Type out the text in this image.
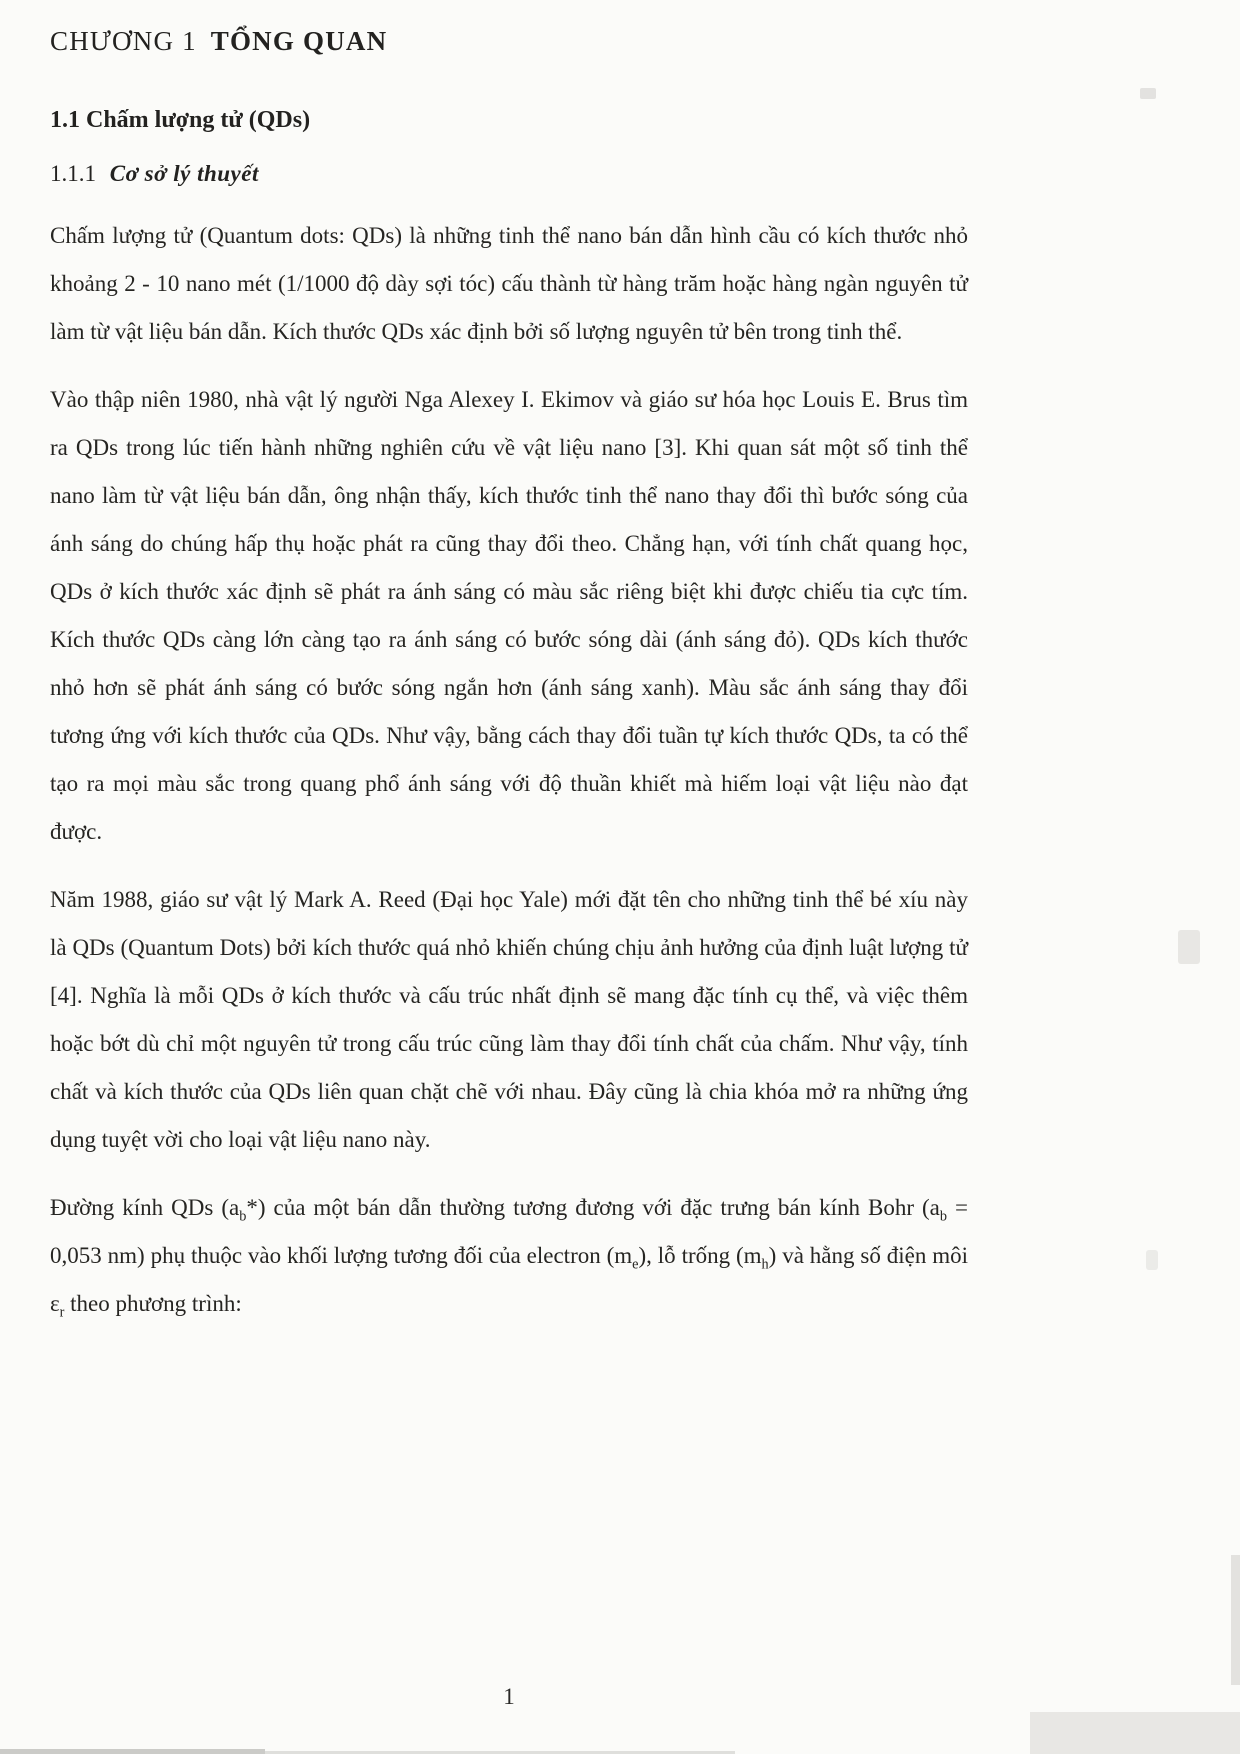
CHƯƠNG 1 TỔNG QUAN
1.1 Chấm lượng tử (QDs)
1.1.1 Cơ sở lý thuyết

Chấm lượng tử (Quantum dots: QDs) là những tinh thể nano bán dẫn hình cầu có kích thước nhỏ khoảng 2 - 10 nano mét (1/1000 độ dày sợi tóc) cấu thành từ hàng trăm hoặc hàng ngàn nguyên tử làm từ vật liệu bán dẫn. Kích thước QDs xác định bởi số lượng nguyên tử bên trong tinh thể.

Vào thập niên 1980, nhà vật lý người Nga Alexey I. Ekimov và giáo sư hóa học Louis E. Brus tìm ra QDs trong lúc tiến hành những nghiên cứu về vật liệu nano [3]. Khi quan sát một số tinh thể nano làm từ vật liệu bán dẫn, ông nhận thấy, kích thước tinh thể nano thay đổi thì bước sóng của ánh sáng do chúng hấp thụ hoặc phát ra cũng thay đổi theo. Chẳng hạn, với tính chất quang học, QDs ở kích thước xác định sẽ phát ra ánh sáng có màu sắc riêng biệt khi được chiếu tia cực tím. Kích thước QDs càng lớn càng tạo ra ánh sáng có bước sóng dài (ánh sáng đỏ). QDs kích thước nhỏ hơn sẽ phát ánh sáng có bước sóng ngắn hơn (ánh sáng xanh). Màu sắc ánh sáng thay đổi tương ứng với kích thước của QDs. Như vậy, bằng cách thay đổi tuần tự kích thước QDs, ta có thể tạo ra mọi màu sắc trong quang phổ ánh sáng với độ thuần khiết mà hiếm loại vật liệu nào đạt được.

Năm 1988, giáo sư vật lý Mark A. Reed (Đại học Yale) mới đặt tên cho những tinh thể bé xíu này là QDs (Quantum Dots) bởi kích thước quá nhỏ khiến chúng chịu ảnh hưởng của định luật lượng tử [4]. Nghĩa là mỗi QDs ở kích thước và cấu trúc nhất định sẽ mang đặc tính cụ thể, và việc thêm hoặc bớt dù chỉ một nguyên tử trong cấu trúc cũng làm thay đổi tính chất của chấm. Như vậy, tính chất và kích thước của QDs liên quan chặt chẽ với nhau. Đây cũng là chia khóa mở ra những ứng dụng tuyệt vời cho loại vật liệu nano này.

Đường kính QDs $(a_b*)$ của một bán dẫn thường tương đương với đặc trưng bán kính Bohr ($a_b = 0,053$ nm) phụ thuộc vào khối lượng tương đối của electron $(m_e)$, lỗ trống $(m_h)$ và hằng số điện môi $\varepsilon_r$ theo phương trình:

1
